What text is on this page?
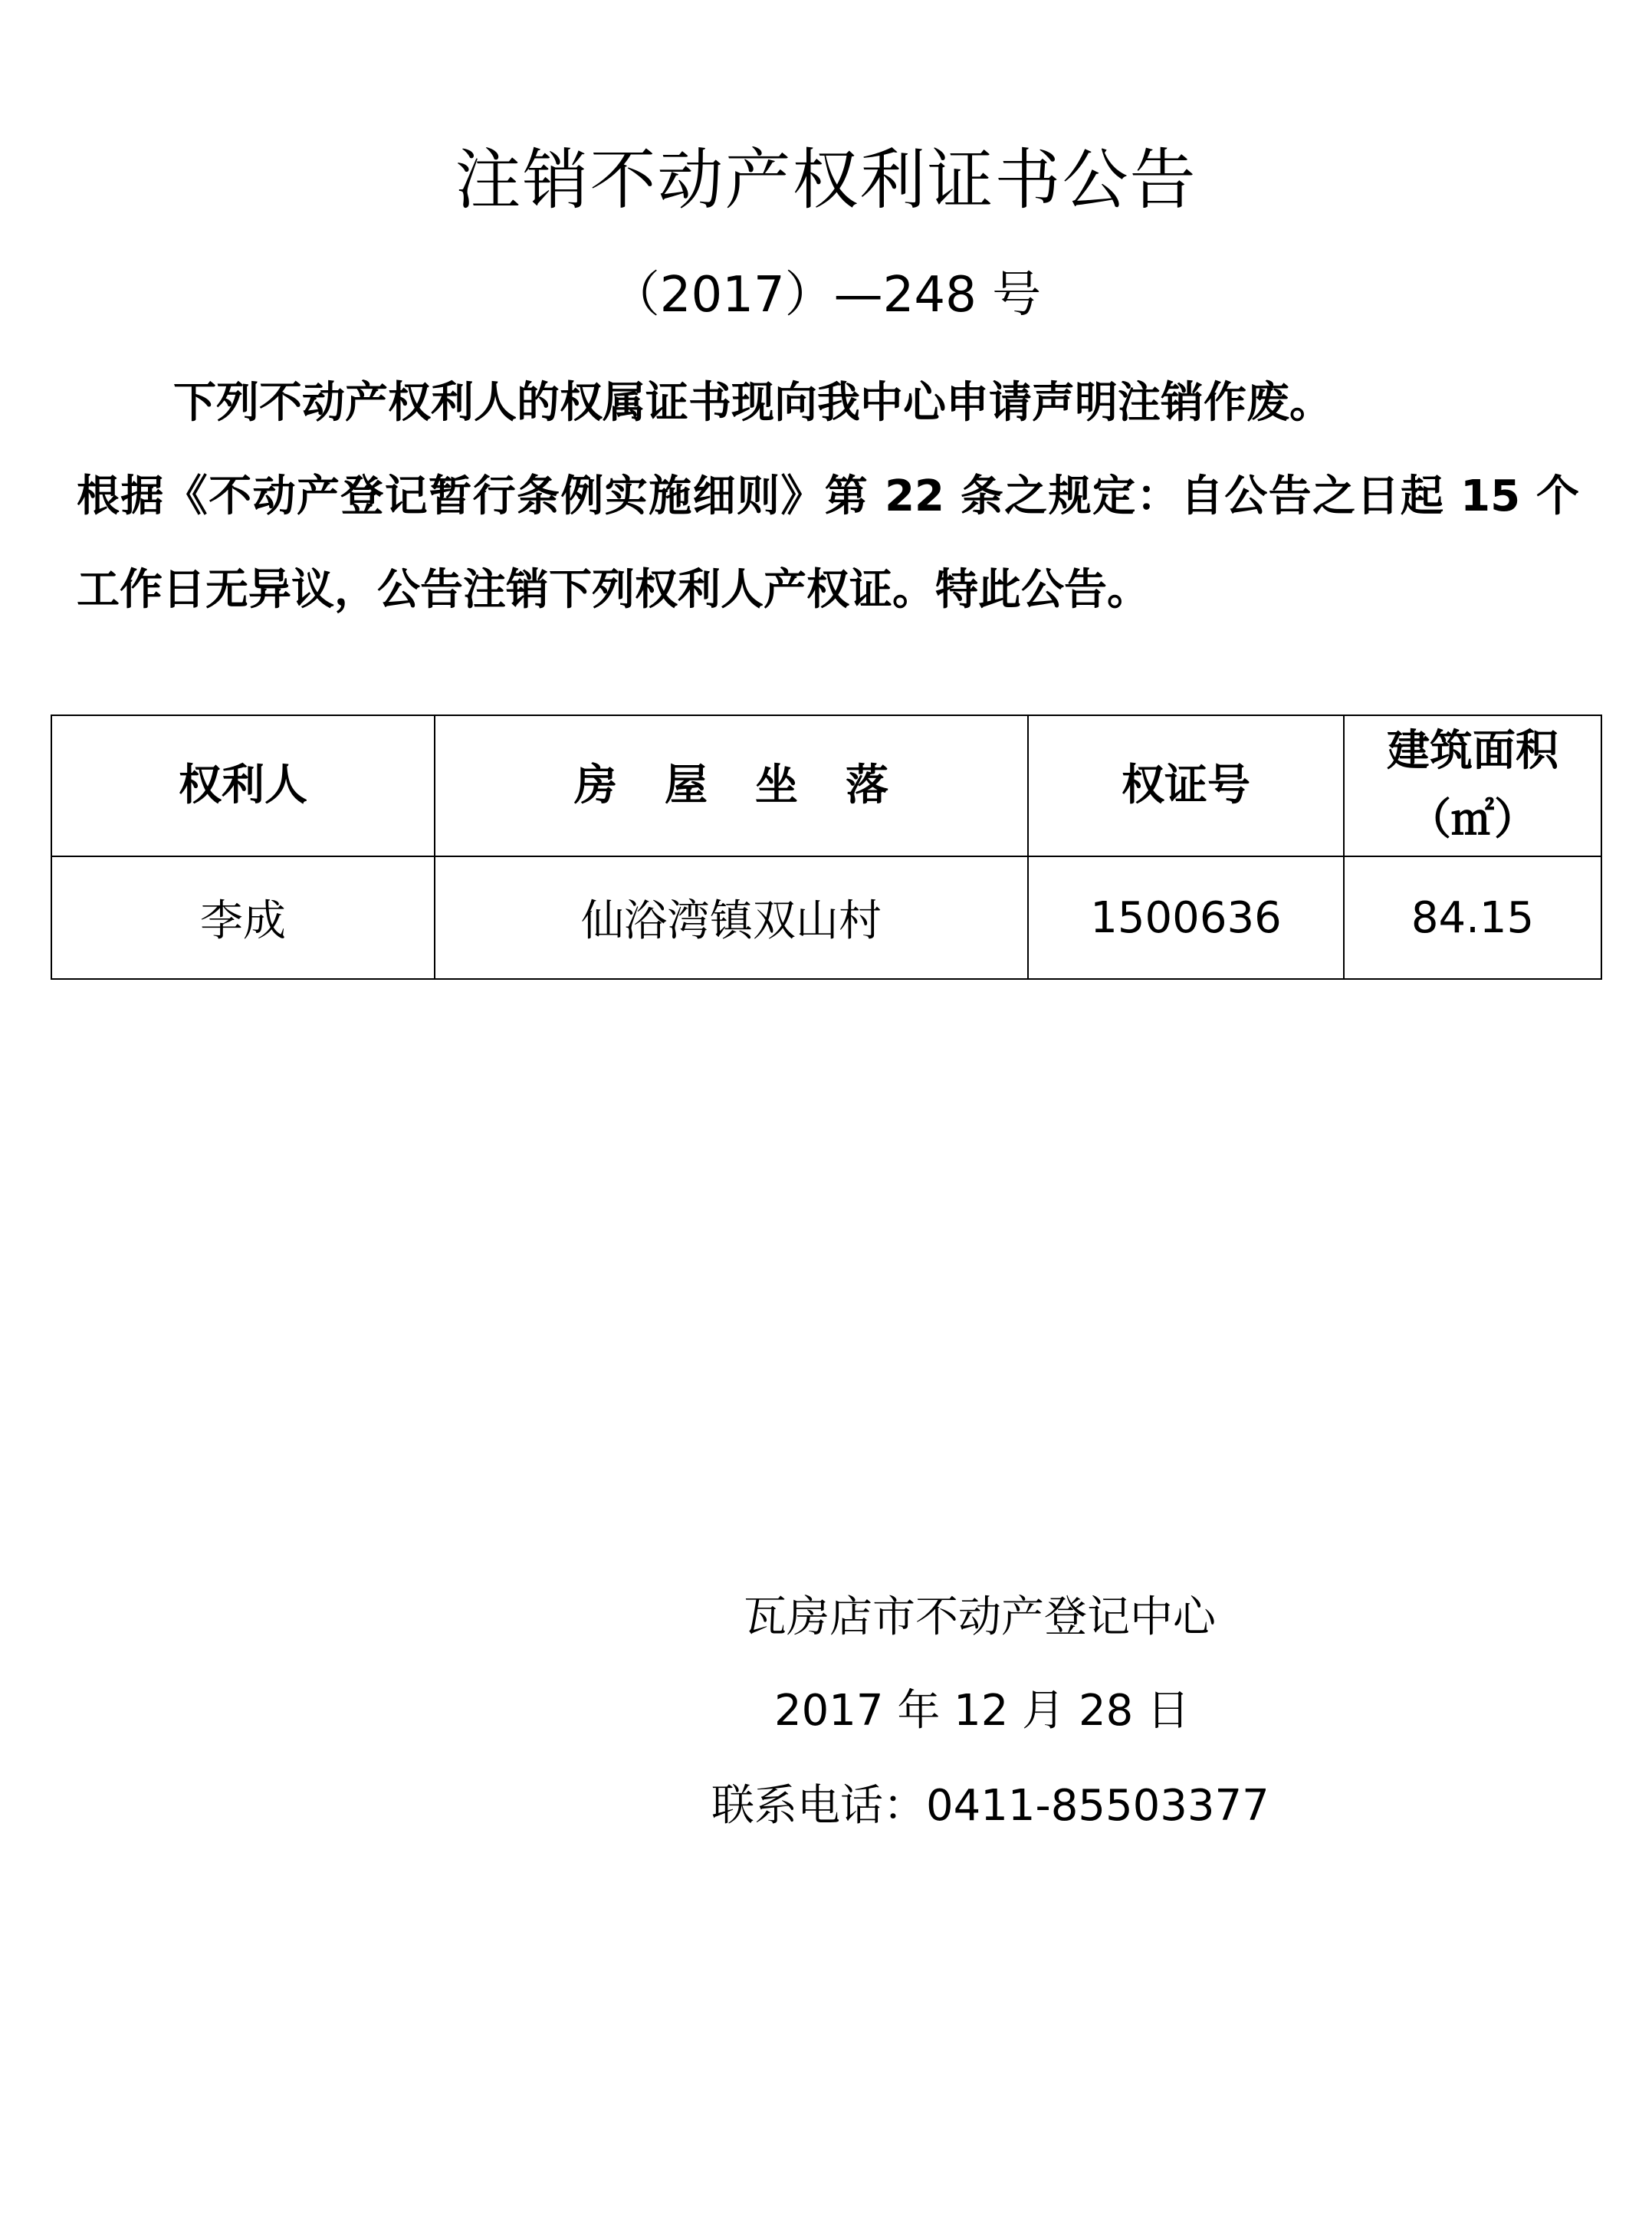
注销不动产权利证书公告
（2017）—248 号
下列不动产权利人的权属证书现向我中心申请声明注销作废。
根据《不动产登记暂行条例实施细则》第 22 条之规定：自公告之日起 15 个工作日无异议，公告注销下列权利人产权证。特此公告。
权利人	房屋坐落	权证号	建筑面积
（㎡）

李成	仙浴湾镇双山村	1500636	84.15
瓦房店市不动产登记中心
2017 年 12 月 28 日
联系电话：0411-85503377
